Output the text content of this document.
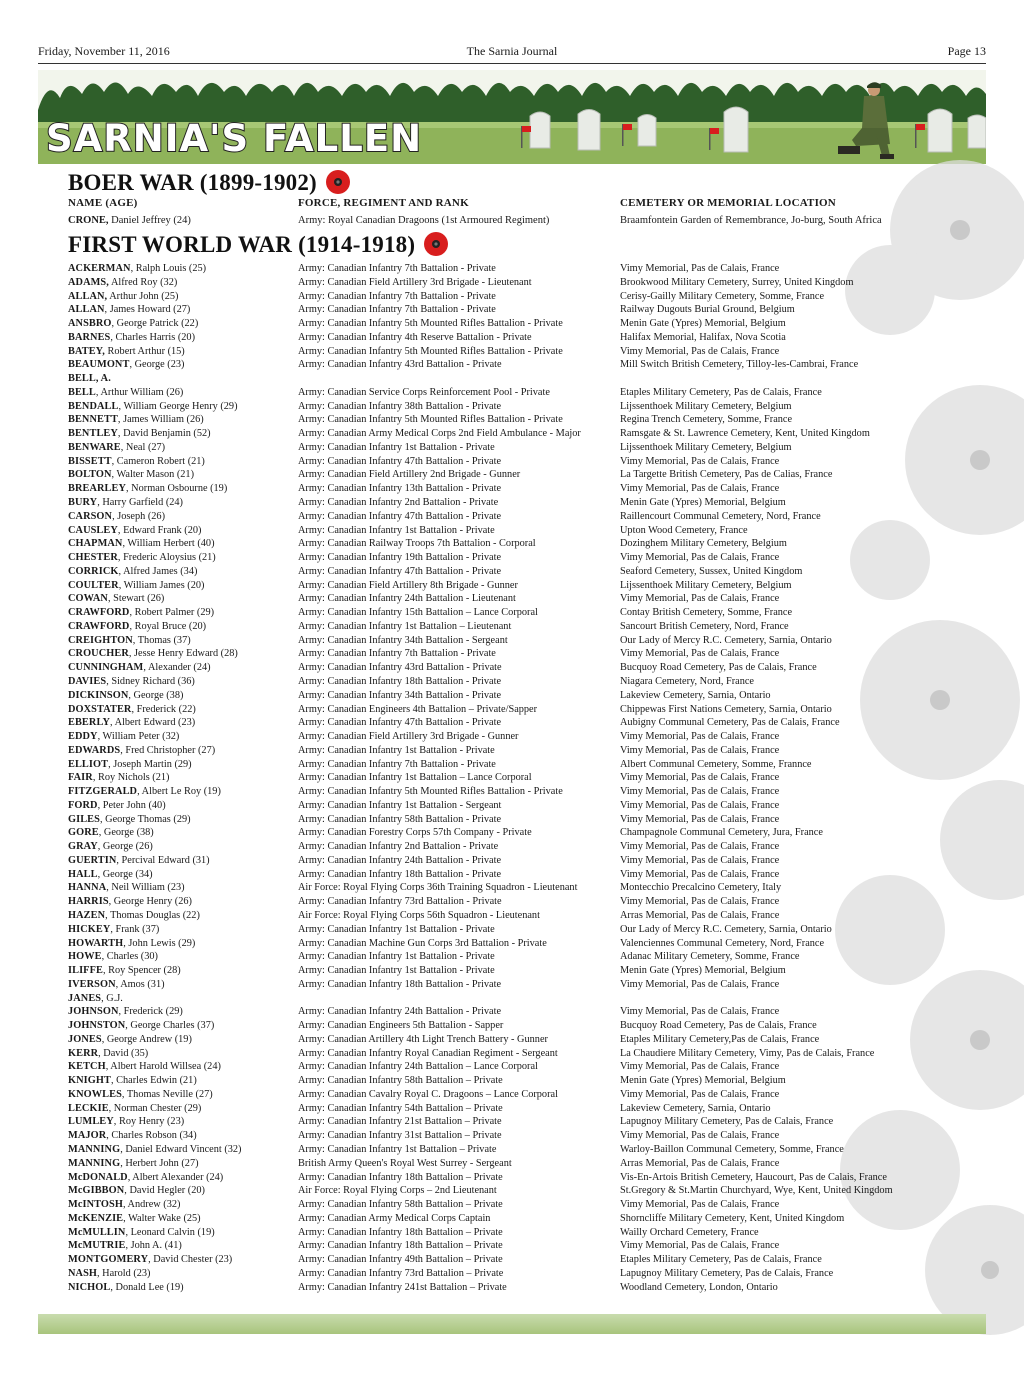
Friday, November 11, 2016	The Sarnia Journal	Page 13
SARNIA'S FALLEN
BOER WAR (1899-1902)
NAME (AGE)	FORCE, REGIMENT AND RANK	CEMETERY OR MEMORIAL LOCATION
CRONE, Daniel Jeffrey (24)	Army: Royal Canadian Dragoons (1st Armoured Regiment)	Braamfontein Garden of Remembrance, Jo-burg, South Africa
FIRST WORLD WAR (1914-1918)
ACKERMAN, Ralph Louis (25)	Army: Canadian Infantry 7th Battalion - Private	Vimy Memorial, Pas de Calais, France
ADAMS, Alfred Roy (32)	Army: Canadian Field Artillery 3rd Brigade - Lieutenant	Brookwood Military Cemetery, Surrey, United Kingdom
ALLAN, Arthur John (25)	Army: Canadian Infantry 7th Battalion - Private	Cerisy-Gailly Military Cemetery, Somme, France
ALLAN, James Howard (27)	Army: Canadian Infantry 7th Battalion - Private	Railway Dugouts Burial Ground, Belgium
ANSBRO, George Patrick (22)	Army: Canadian Infantry 5th Mounted Rifles Battalion - Private	Menin Gate (Ypres) Memorial, Belgium
BARNES, Charles Harris (20)	Army: Canadian Infantry 4th Reserve Battalion - Private	Halifax Memorial, Halifax, Nova Scotia
BATEY, Robert Arthur (15)	Army: Canadian Infantry 5th Mounted Rifles Battalion - Private	Vimy Memorial, Pas de Calais, France
BEAUMONT, George (23)	Army: Canadian Infantry 43rd Battalion - Private	Mill Switch British Cemetery, Tilloy-les-Cambrai, France
BELL, A.
BELL, Arthur William (26)	Army: Canadian Service Corps Reinforcement Pool - Private	Etaples Military Cemetery, Pas de Calais, France
BENDALL, William George Henry (29)	Army: Canadian Infantry 38th Battalion - Private	Lijssenthoek Military Cemetery, Belgium
BENNETT, James William (26)	Army: Canadian Infantry 5th Mounted Rifles Battalion - Private	Regina Trench Cemetery, Somme, France
BENTLEY, David Benjamin (52)	Army: Canadian Army Medical Corps 2nd Field Ambulance - Major	Ramsgate & St. Lawrence Cemetery, Kent, United Kingdom
BENWARE, Neal (27)	Army: Canadian Infantry 1st Battalion - Private	Lijssenthoek Military Cemetery, Belgium
BISSETT, Cameron Robert (21)	Army: Canadian Infantry 47th Battalion - Private	Vimy Memorial, Pas de Calais, France
BOLTON, Walter Mason (21)	Army: Canadian Field Artillery 2nd Brigade - Gunner	La Targette British Cemetery, Pas de Calias, France
BREARLEY, Norman Osbourne (19)	Army: Canadian Infantry 13th Battalion - Private	Vimy Memorial, Pas de Calais, France
BURY, Harry Garfield (24)	Army: Canadian Infantry 2nd Battalion - Private	Menin Gate (Ypres) Memorial, Belgium
CARSON, Joseph (26)	Army: Canadian Infantry 47th Battalion - Private	Raillencourt Communal Cemetery, Nord, France
CAUSLEY, Edward Frank (20)	Army: Canadian Infantry 1st Battalion - Private	Upton Wood Cemetery, France
CHAPMAN, William Herbert (40)	Army: Canadian Railway Troops 7th Battalion - Corporal	Dozinghem Military Cemetery, Belgium
CHESTER, Frederic Aloysius (21)	Army: Canadian Infantry 19th Battalion - Private	Vimy Memorial, Pas de Calais, France
CORRICK, Alfred James (34)	Army: Canadian Infantry 47th Battalion - Private	Seaford Cemetery, Sussex, United Kingdom
COULTER, William James (20)	Army: Canadian Field Artillery 8th Brigade - Gunner	Lijssenthoek Military Cemetery, Belgium
COWAN, Stewart (26)	Army: Canadian Infantry 24th Battalion - Lieutenant	Vimy Memorial, Pas de Calais, France
CRAWFORD, Robert Palmer (29)	Army: Canadian Infantry 15th Battalion – Lance Corporal	Contay British Cemetery, Somme, France
CRAWFORD, Royal Bruce (20)	Army: Canadian Infantry 1st Battalion – Lieutenant	Sancourt British Cemetery, Nord, France
CREIGHTON, Thomas (37)	Army: Canadian Infantry 34th Battalion - Sergeant	Our Lady of Mercy R.C. Cemetery, Sarnia, Ontario
CROUCHER, Jesse Henry Edward (28)	Army: Canadian Infantry 7th Battalion - Private	Vimy Memorial, Pas de Calais, France
CUNNINGHAM, Alexander (24)	Army: Canadian Infantry 43rd Battalion - Private	Bucquoy Road Cemetery, Pas de Calais, France
DAVIES, Sidney Richard (36)	Army: Canadian Infantry 18th Battalion - Private	Niagara Cemetery, Nord, France
DICKINSON, George (38)	Army: Canadian Infantry 34th Battalion - Private	Lakeview Cemetery, Sarnia, Ontario
DOXSTATER, Frederick (22)	Army: Canadian Engineers 4th Battalion – Private/Sapper	Chippewas First Nations Cemetery, Sarnia, Ontario
EBERLY, Albert Edward (23)	Army: Canadian Infantry 47th Battalion - Private	Aubigny Communal Cemetery, Pas de Calais, France
EDDY, William Peter (32)	Army: Canadian Field Artillery 3rd Brigade - Gunner	Vimy Memorial, Pas de Calais, France
EDWARDS, Fred Christopher (27)	Army: Canadian Infantry 1st Battalion - Private	Vimy Memorial, Pas de Calais, France
ELLIOT, Joseph Martin (29)	Army: Canadian Infantry 7th Battalion - Private	Albert Communal Cemetery, Somme, Frannce
FAIR, Roy Nichols (21)	Army: Canadian Infantry 1st Battalion – Lance Corporal	Vimy Memorial, Pas de Calais, France
FITZGERALD, Albert Le Roy (19)	Army: Canadian Infantry 5th Mounted Rifles Battalion - Private	Vimy Memorial, Pas de Calais, France
FORD, Peter John (40)	Army: Canadian Infantry 1st Battalion - Sergeant	Vimy Memorial, Pas de Calais, France
GILES, George Thomas (29)	Army: Canadian Infantry 58th Battalion - Private	Vimy Memorial, Pas de Calais, France
GORE, George (38)	Army: Canadian Forestry Corps 57th Company - Private	Champagnole Communal Cemetery, Jura, France
GRAY, George (26)	Army: Canadian Infantry 2nd Battalion - Private	Vimy Memorial, Pas de Calais, France
GUERTIN, Percival Edward (31)	Army: Canadian Infantry 24th Battalion - Private	Vimy Memorial, Pas de Calais, France
HALL, George (34)	Army: Canadian Infantry 18th Battalion - Private	Vimy Memorial, Pas de Calais, France
HANNA, Neil William (23)	Air Force: Royal Flying Corps 36th Training Squadron - Lieutenant	Montecchio Precalcino Cemetery, Italy
HARRIS, George Henry (26)	Army: Canadian Infantry 73rd Battalion - Private	Vimy Memorial, Pas de Calais, France
HAZEN, Thomas Douglas (22)	Air Force: Royal Flying Corps 56th Squadron - Lieutenant	Arras Memorial, Pas de Calais, France
HICKEY, Frank (37)	Army: Canadian Infantry 1st Battalion - Private	Our Lady of Mercy R.C. Cemetery, Sarnia, Ontario
HOWARTH, John Lewis (29)	Army: Canadian Machine Gun Corps 3rd Battalion - Private	Valenciennes Communal Cemetery, Nord, France
HOWE, Charles (30)	Army: Canadian Infantry 1st Battalion - Private	Adanac Military Cemetery, Somme, France
ILIFFE, Roy Spencer (28)	Army: Canadian Infantry 1st Battalion - Private	Menin Gate (Ypres) Memorial, Belgium
IVERSON, Amos (31)	Army: Canadian Infantry 18th Battalion - Private	Vimy Memorial, Pas de Calais, France
JANES, G.J.
JOHNSON, Frederick (29)	Army: Canadian Infantry 24th Battalion - Private	Vimy Memorial, Pas de Calais, France
JOHNSTON, George Charles (37)	Army: Canadian Engineers 5th Battalion - Sapper	Bucquoy Road Cemetery, Pas de Calais, France
JONES, George Andrew (19)	Army: Canadian Artillery 4th Light Trench Battery - Gunner	Etaples Military Cemetery,Pas de Calais, France
KERR, David (35)	Army: Canadian Infantry Royal Canadian Regiment - Sergeant	La Chaudiere Military Cemetery, Vimy, Pas de Calais, France
KETCH, Albert Harold Willsea (24)	Army: Canadian Infantry 24th Battalion – Lance Corporal	Vimy Memorial, Pas de Calais, France
KNIGHT, Charles Edwin (21)	Army: Canadian Infantry 58th Battalion – Private	Menin Gate (Ypres) Memorial, Belgium
KNOWLES, Thomas Neville (27)	Army: Canadian Cavalry Royal C. Dragoons – Lance Corporal	Vimy Memorial, Pas de Calais, France
LECKIE, Norman Chester (29)	Army: Canadian Infantry 54th Battalion – Private	Lakeview Cemetery, Sarnia, Ontario
LUMLEY, Roy Henry (23)	Army: Canadian Infantry 21st Battalion – Private	Lapugnoy Military Cemetery, Pas de Calais, France
MAJOR, Charles Robson (34)	Army: Canadian Infantry 31st Battalion – Private	Vimy Memorial, Pas de Calais, France
MANNING, Daniel Edward Vincent (32)	Army: Canadian Infantry 1st Battalion – Private	Warloy-Baillon Communal Cemetery, Somme, France
MANNING, Herbert John (27)	British Army Queen's Royal West Surrey - Sergeant	Arras Memorial, Pas de Calais, France
McDONALD, Albert Alexander (24)	Army: Canadian Infantry 18th Battalion – Private	Vis-En-Artois British Cemetery, Haucourt, Pas de Calais, France
McGIBBON, David Hegler (20)	Air Force: Royal Flying Corps – 2nd Lieutenant	St.Gregory & St.Martin Churchyard, Wye, Kent, United Kingdom
McINTOSH, Andrew (32)	Army: Canadian Infantry 58th Battalion – Private	Vimy Memorial, Pas de Calais, France
McKENZIE, Walter Wake (25)	Army: Canadian Army Medical Corps Captain	Shorncliffe Military Cemetery, Kent, United Kingdom
McMULLIN, Leonard Calvin (19)	Army: Canadian Infantry 18th Battalion – Private	Wailly Orchard Cemetery, France
McMUTRIE, John A. (41)	Army: Canadian Infantry 18th Battalion – Private	Vimy Memorial, Pas de Calais, France
MONTGOMERY, David Chester (23)	Army: Canadian Infantry 49th Battalion – Private	Etaples Military Cemetery, Pas de Calais, France
NASH, Harold (23)	Army: Canadian Infantry 73rd Battalion – Private	Lapugnoy Military Cemetery, Pas de Calais, France
NICHOL, Donald Lee (19)	Army: Canadian Infantry 241st Battalion – Private	Woodland Cemetery, London, Ontario
